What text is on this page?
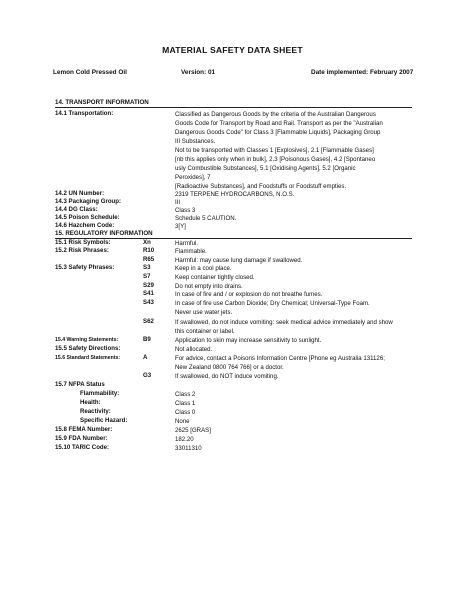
MATERIAL SAFETY DATA SHEET
Lemon Cold Pressed Oil	Version: 01	Date implemented: February 2007
14. TRANSPORT INFORMATION
14.1 Transportation:	Classified as Dangerous Goods by the criteria of the Australian Dangerous
Goods Code for Transport by Road and Rail. Transport as per the "Australian
Dangerous Goods Code" for Class 3 [Flammable Liquids], Packaging Group
III Substances.
Not to be transported with Classes 1 [Explosives], 2.1 [Flammable Gases]
[nb this applies only when in bulk], 2.3 [Poisonous Gases], 4.2 [Spontaneo
usly Combustible Substances], 5.1 [Oxidising Agents], 5.2 [Organic
Peroxides], 7
[Radioactive Substances], and Foodstuffs or Foodstuff empties.
14.2 UN Number:	2319 TERPENE HYDROCARBONS, N.O.S.
14.3 Packaging Group:	III
14.4 DG Class:	Class 3
14.5 Poison Schedule:	Schedule 5 CAUTION.
14.6 Hazchem Code:	3[Y]
15. REGULATORY INFORMATION
15.1 Risk Symbols:	Xn	Harmful.
15.2 Risk Phrases:	R10	Flammable.
R65	Harmful: may cause lung damage if swallowed.
15.3 Safety Phrases:	S3	Keep in a cool place.
S7	Keep container tightly closed.
S29	Do not empty into drains.
S41	In case of fire and / or explosion do not breathe fumes.
S43	In case of fire use Carbon Dioxide; Dry Chemical; Universal-Type Foam.
Never use water jets.
S62	If swallowed, do not induce vomiting: seek medical advice immediately and show
this container or label.
15.4 Warning Statements:	B9	Application to skin may increase sensitivity to sunlight.
15.5 Safety Directions:	Not allocated.
15.6 Standard Statements:	A	For advice, contact a Poisons Information Centre [Phone eg Australia 131126;
New Zealand 0800 764 766] or a doctor.
G3	If swallowed, do NOT induce vomiting.
15.7 NFPA Status
Flammability:	Class 2
Health:	Class 1
Reactivity:	Class 0
Specific Hazard:	None
15.8 FEMA Number:	2625 [GRAS]
15.9 FDA Number:	182.20
15.10 TARIC Code:	33011310
